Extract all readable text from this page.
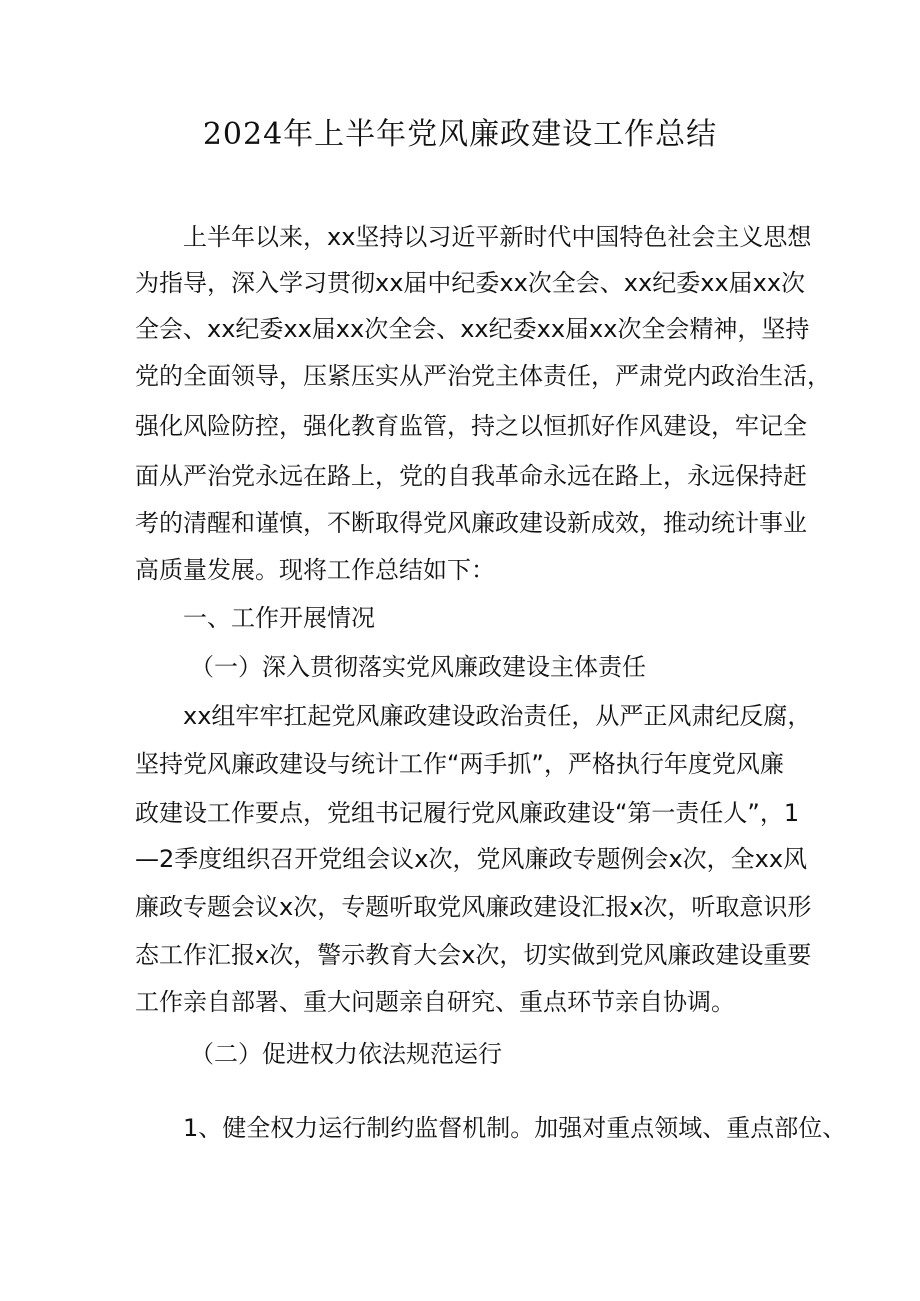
2024年上半年党风廉政建设工作总结

上半年以来，xx坚持以习近平新时代中国特色社会主义思想

为指导，深入学习贯彻xx届中纪委xx次全会、xx纪委xx届xx次

全会、xx纪委xx届xx次全会、xx纪委xx届xx次全会精神，坚持

党的全面领导，压紧压实从严治党主体责任，严肃党内政治生活，

强化风险防控，强化教育监管，持之以恒抓好作风建设，牢记全

面从严治党永远在路上，党的自我革命永远在路上，永远保持赶

考的清醒和谨慎，不断取得党风廉政建设新成效，推动统计事业

高质量发展。现将工作总结如下：

一、工作开展情况

（一）深入贯彻落实党风廉政建设主体责任

xx组牢牢扛起党风廉政建设政治责任，从严正风肃纪反腐，

坚持党风廉政建设与统计工作“两手抓”，严格执行年度党风廉

政建设工作要点，党组书记履行党风廉政建设“第一责任人”，1

—2季度组织召开党组会议x次，党风廉政专题例会x次，全xx风

廉政专题会议x次，专题听取党风廉政建设汇报x次，听取意识形

态工作汇报x次，警示教育大会x次，切实做到党风廉政建设重要

工作亲自部署、重大问题亲自研究、重点环节亲自协调。

（二）促进权力依法规范运行

1、健全权力运行制约监督机制。加强对重点领域、重点部位、
